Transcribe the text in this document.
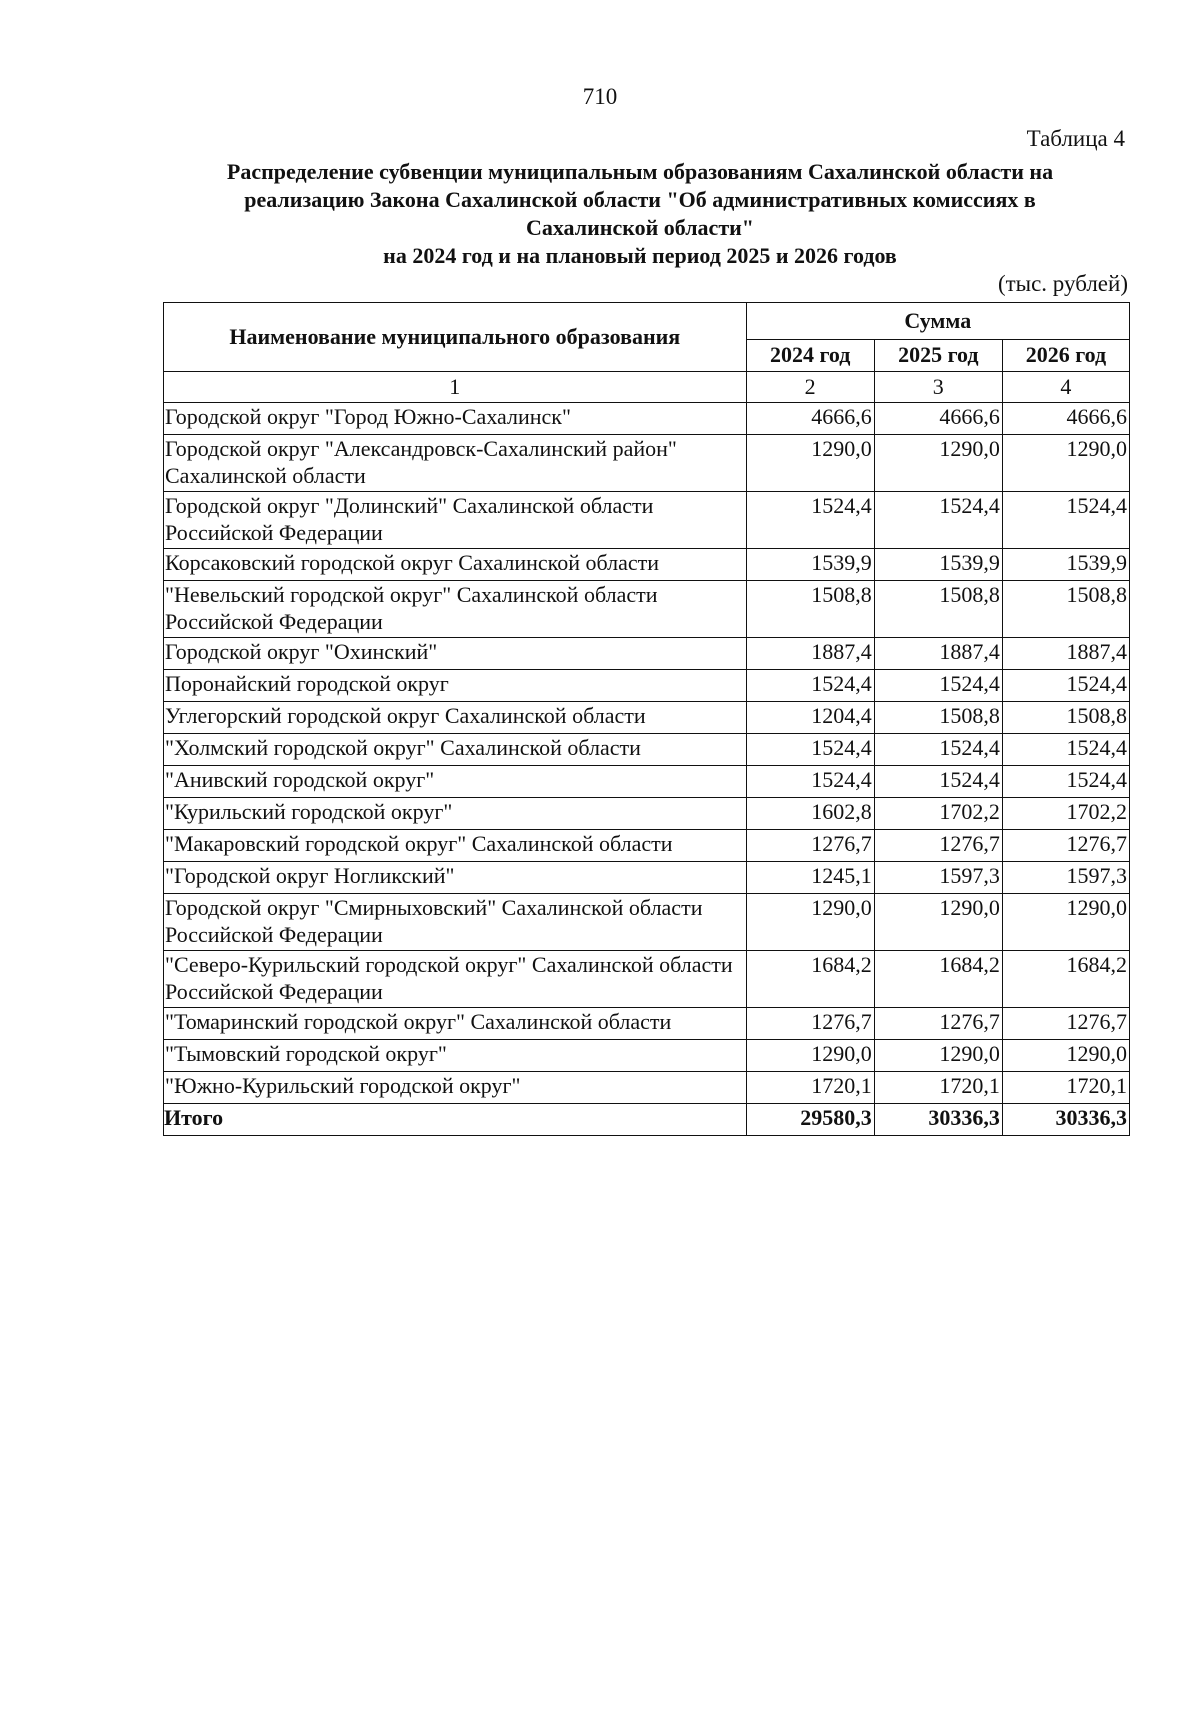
710
Таблица 4
Распределение субвенции муниципальным образованиям Сахалинской области на
реализацию Закона Сахалинской области "Об административных комиссиях в
Сахалинской области"
на 2024 год и на плановый период 2025 и 2026 годов
(тыс. рублей)
Наименование муниципального образования	Сумма		
	2024 год	2025 год	2026 год
1	2	3	4
Городской округ "Город Южно-Сахалинск"	4666,6	4666,6	4666,6
Городской округ "Александровск-Сахалинский район" Сахалинской области	1290,0	1290,0	1290,0
Городской округ "Долинский" Сахалинской области Российской Федерации	1524,4	1524,4	1524,4
Корсаковский городской округ Сахалинской области	1539,9	1539,9	1539,9
"Невельский городской округ" Сахалинской области Российской Федерации	1508,8	1508,8	1508,8
Городской округ "Охинский"	1887,4	1887,4	1887,4
Поронайский городской округ	1524,4	1524,4	1524,4
Углегорский городской округ Сахалинской области	1204,4	1508,8	1508,8
"Холмский городской округ" Сахалинской области	1524,4	1524,4	1524,4
"Анивский городской округ"	1524,4	1524,4	1524,4
"Курильский городской округ"	1602,8	1702,2	1702,2
"Макаровский городской округ" Сахалинской области	1276,7	1276,7	1276,7
"Городской округ Ногликский"	1245,1	1597,3	1597,3
Городской округ "Смирныховский" Сахалинской области Российской Федерации	1290,0	1290,0	1290,0
"Северо-Курильский городской округ" Сахалинской области Российской Федерации	1684,2	1684,2	1684,2
"Томаринский городской округ" Сахалинской области	1276,7	1276,7	1276,7
"Тымовский городской округ"	1290,0	1290,0	1290,0
"Южно-Курильский городской округ"	1720,1	1720,1	1720,1
Итого	29580,3	30336,3	30336,3
